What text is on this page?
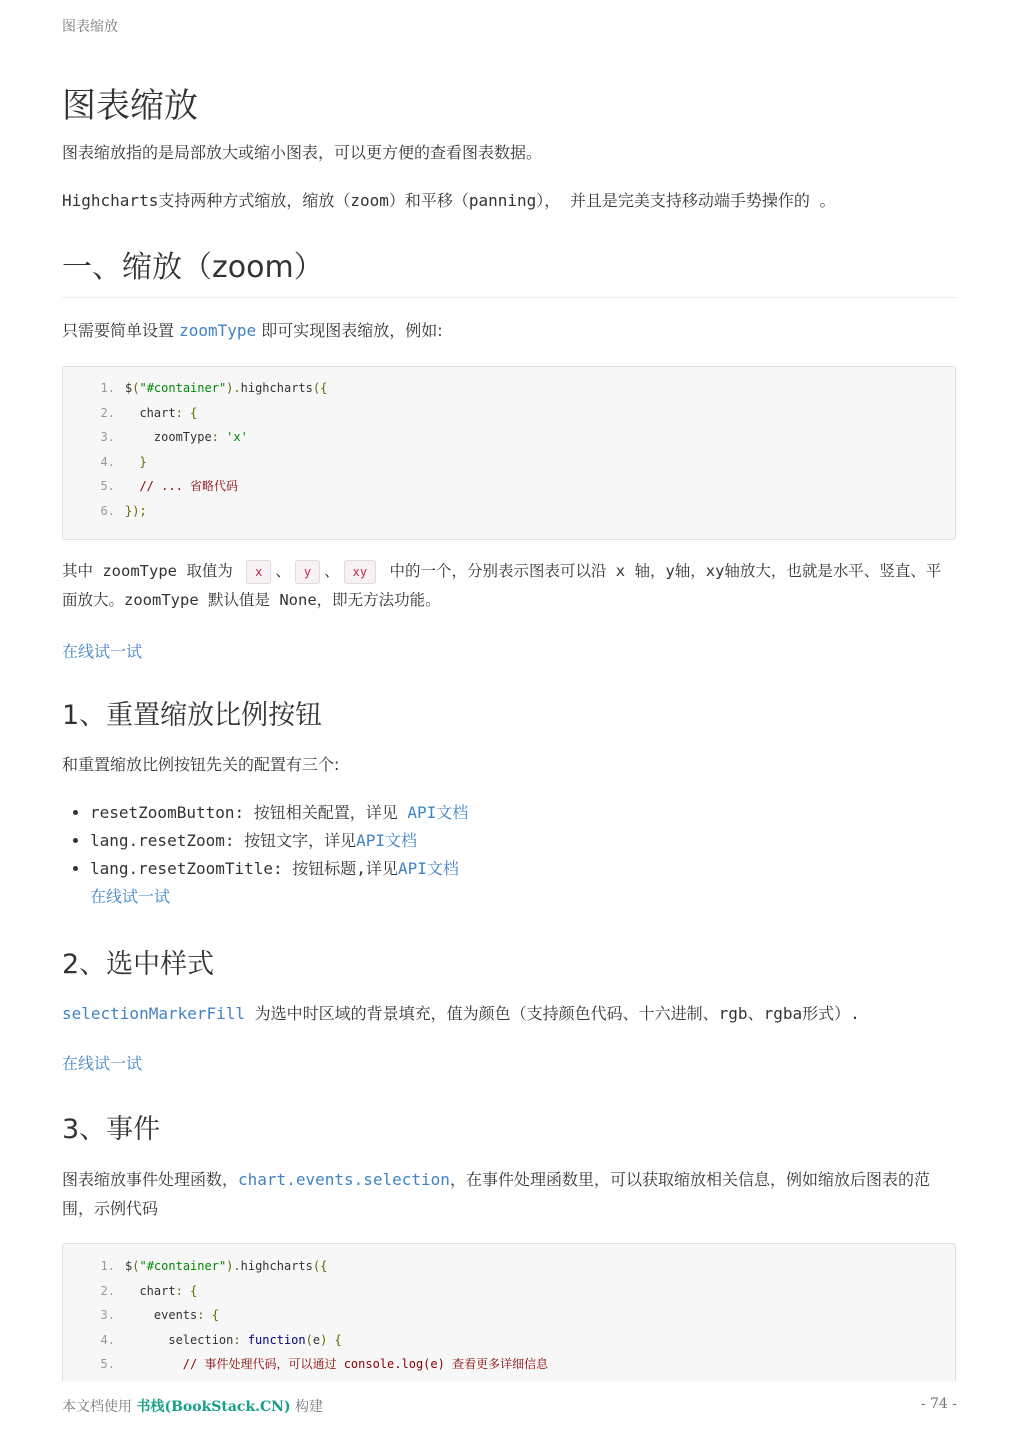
图表缩放
图表缩放

图表缩放指的是局部放大或缩小图表，可以更方便的查看图表数据。

Highcharts支持两种方式缩放，缩放（zoom）和平移（panning）， 并且是完美支持移动端手势操作的 。

一、缩放（zoom）

只需要简单设置 zoomType 即可实现图表缩放，例如:

1. $("#container").highcharts({
2.  chart: {
3.    zoomType: 'x'
4.  }
5.  // ... 省略代码
6. });

其中 zoomType 取值为 x 、 y 、 xy 中的一个，分别表示图表可以沿 x 轴，y轴，xy轴放大，也就是水平、竖直、平面放大。zoomType 默认值是 None，即无方法功能。

在线试一试
1、重置缩放比例按钮

和重置缩放比例按钮先关的配置有三个:

• resetZoomButton: 按钮相关配置，详见 API文档
• lang.resetZoom: 按钮文字，详见API文档
• lang.resetZoomTitle: 按钮标题,详见API文档
在线试一试
2、选中样式

selectionMarkerFill 为选中时区域的背景填充，值为颜色（支持颜色代码、十六进制、rgb、rgba形式）.

在线试一试
3、事件

图表缩放事件处理函数，chart.events.selection，在事件处理函数里，可以获取缩放相关信息，例如缩放后图表的范围，示例代码

1. $("#container").highcharts({
2.  chart: {
3.    events: {
4.      selection: function(e) {
5.        // 事件处理代码，可以通过 console.log(e) 查看更多详细信息
本文档使用 书栈(BookStack.CN) 构建	- 74 -
